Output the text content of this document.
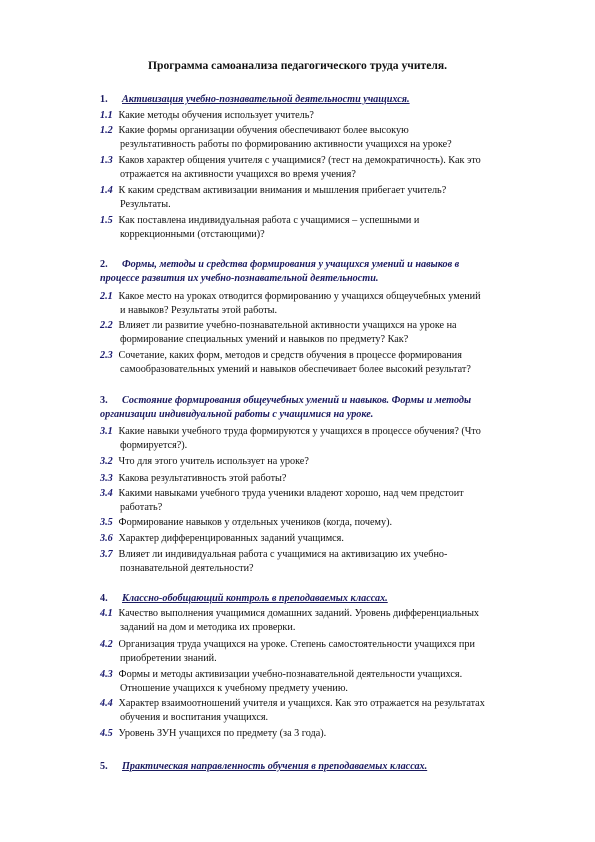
Программа самоанализа педагогического труда учителя.
1. Активизация учебно-познавательной деятельности учащихся.
1.1 Какие методы обучения использует учитель?
1.2 Какие формы организации обучения обеспечивают более высокую
результативность работы по формированию активности учащихся на уроке?
1.3 Каков характер общения учителя с учащимися? (тест на демократичность). Как это
отражается на активности учащихся во время учения?
1.4 К каким средствам активизации внимания и мышления прибегает учитель?
Результаты.
1.5 Как поставлена индивидуальная работа с учащимися – успешными и
коррекционными (отстающими)?
2. Формы, методы и средства формирования у учащихся умений и навыков в
процессе развития их учебно-познавательной деятельности.
2.1 Какое место на уроках отводится формированию у учащихся общеучебных умений
и навыков? Результаты этой работы.
2.2 Влияет ли развитие учебно-познавательной активности учащихся на уроке на
формирование специальных умений и навыков по предмету? Как?
2.3 Сочетание, каких форм, методов и средств обучения в процессе формирования
самообразовательных умений и навыков обеспечивает более высокий результат?
3. Состояние формирования общеучебных умений и навыков. Формы и методы
организации индивидуальной работы с учащимися на уроке.
3.1 Какие навыки учебного труда формируются у учащихся в процессе обучения? (Что
формируется?).
3.2 Что для этого учитель использует на уроке?
3.3 Какова результативность этой работы?
3.4 Какими навыками учебного труда ученики владеют хорошо, над чем предстоит
работать?
3.5 Формирование навыков у отдельных учеников (когда, почему).
3.6 Характер дифференцированных заданий учащимся.
3.7 Влияет ли индивидуальная работа с учащимися на активизацию их учебно-
познавательной деятельности?
4. Классно-обобщающий контроль в преподаваемых классах.
4.1 Качество выполнения учащимися домашних заданий. Уровень дифференциальных
заданий на дом и методика их проверки.
4.2 Организация труда учащихся на уроке. Степень самостоятельности учащихся при
приобретении знаний.
4.3 Формы и методы активизации учебно-познавательной деятельности учащихся.
Отношение учащихся к учебному предмету учению.
4.4 Характер взаимоотношений учителя и учащихся. Как это отражается на результатах
обучения и воспитания учащихся.
4.5 Уровень ЗУН учащихся по предмету (за 3 года).
5. Практическая направленность обучения в преподаваемых классах.
